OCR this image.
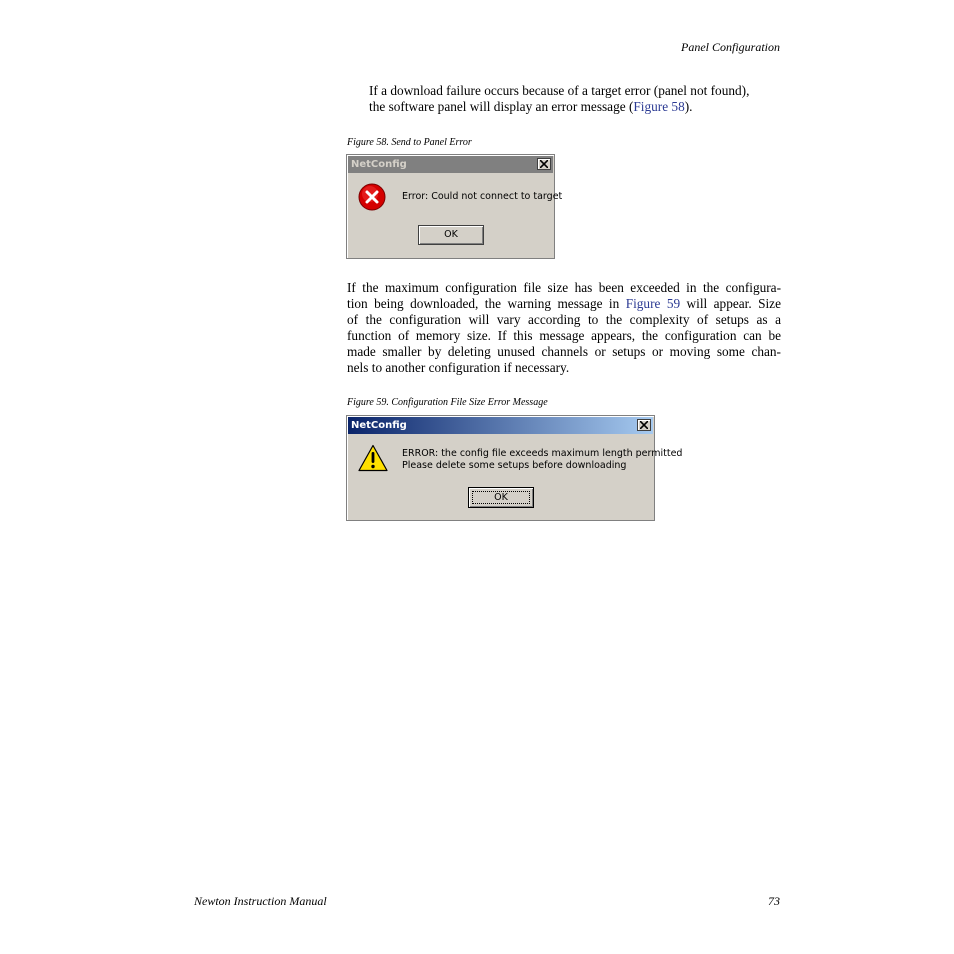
Panel Configuration
If a download failure occurs because of a target error (panel not found),
the software panel will display an error message (Figure 58).
Figure 58. Send to Panel Error
NetConfig
Error: Could not connect to target
OK
If the maximum configuration file size has been exceeded in the configura-
tion being downloaded, the warning message in Figure 59 will appear. Size
of the configuration will vary according to the complexity of setups as a
function of memory size. If this message appears, the configuration can be
made smaller by deleting unused channels or setups or moving some chan-
nels to another configuration if necessary.
Figure 59. Configuration File Size Error Message
NetConfig
ERROR: the config file exceeds maximum length permitted
Please delete some setups before downloading
OK
Newton Instruction Manual	73
